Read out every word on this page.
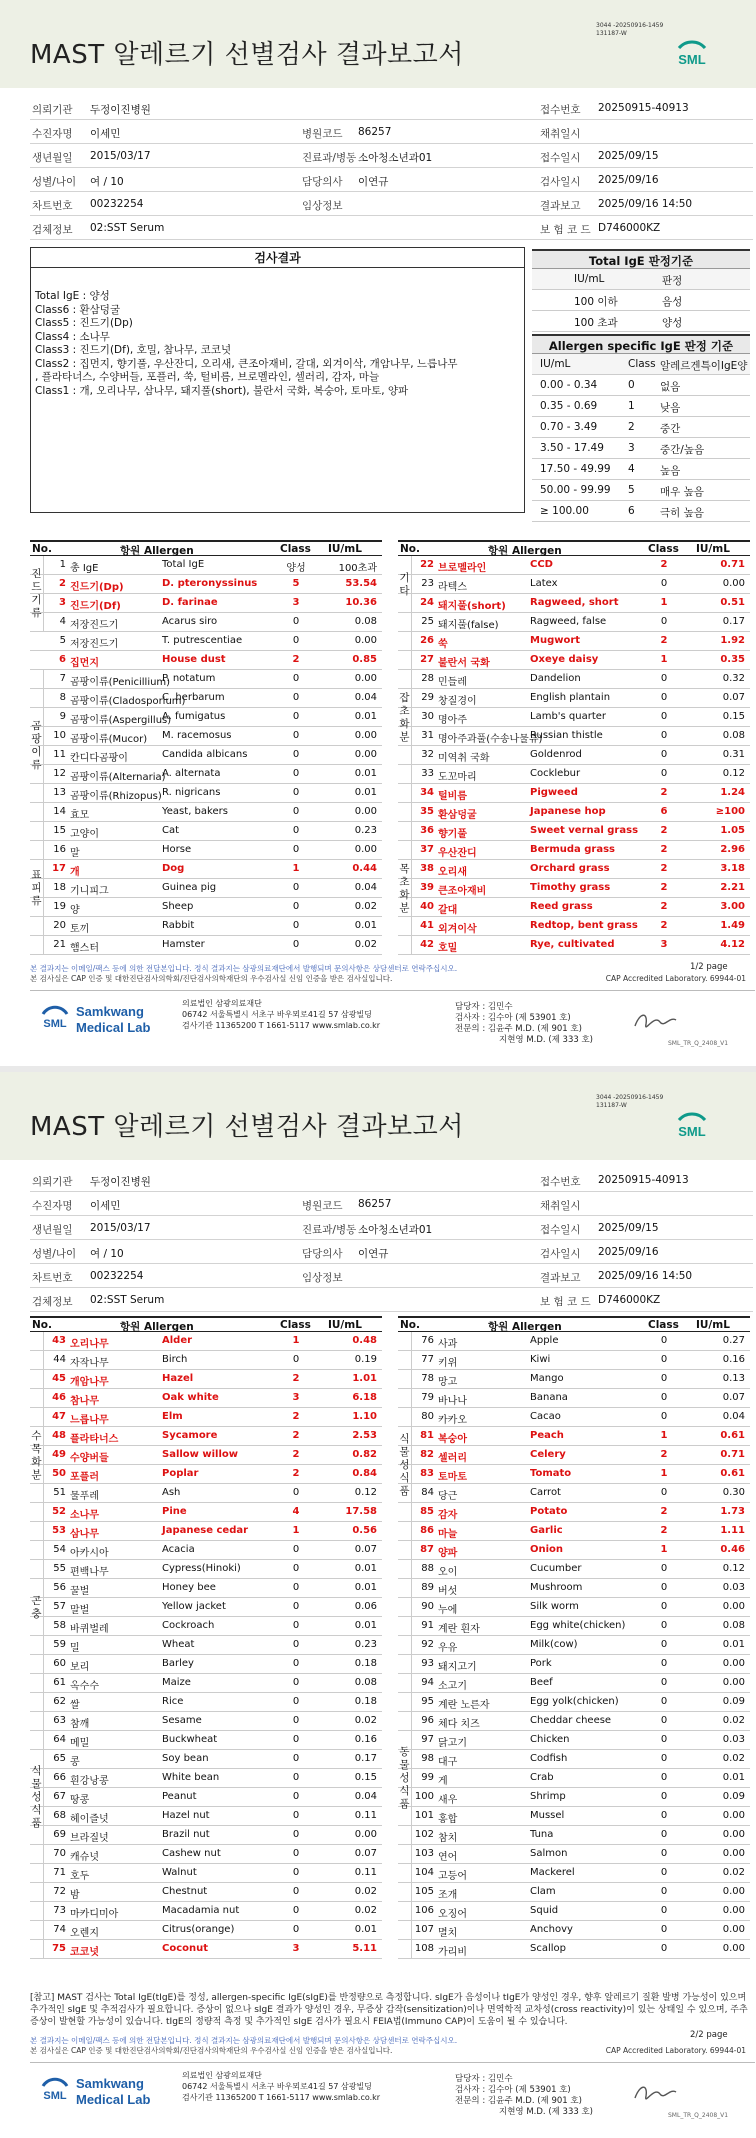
MAST 알레르기 선별검사 결과보고서
3044 -20250916-1459
131187-W
SML
의뢰기관 두정이진병원	접수번호 20250915-40913
수진자명 이세민	병원코드 86257	채취일시
생년월일 2015/03/17	진료과/병동 소아청소년과01	접수일시 2025/09/15
성별/나이 여 / 10	담당의사 이연규	검사일시 2025/09/16
차트번호 00232254	임상정보	결과보고 2025/09/16 14:50
검체정보 02:SST Serum	보 험 코 드 D746000KZ
검사결과
Total IgE : 양성
Class6 : 환삼덩굴
Class5 : 진드기(Dp)
Class4 : 소나무
Class3 : 진드기(Df), 호밀, 참나무, 코코넛
Class2 : 집먼지, 향기풀, 우산잔디, 오리새, 큰조아재비, 갈대, 외겨이삭, 개암나무, 느릅나무
, 플라타너스, 수양버들, 포플러, 쑥, 털비름, 브로멜라인, 셀러리, 감자, 마늘
Class1 : 개, 오리나무, 삼나무, 돼지풀(short), 불란서 국화, 복숭아, 토마토, 양파
Total IgE 판정기준
IU/mL	판정
100 이하	음성
100 초과	양성
Allergen specific IgE 판정 기준
IU/mL	Class 알레르겐특이IgE양
0.00 - 0.34	0 없음
0.35 - 0.69	1 낮음
0.70 - 3.49	2 중간
3.50 - 17.49 3 중간/높음
17.50 - 49.99 4 높음
50.00 - 99.99 5 매우 높음
≥ 100.00	6 극히 높음
No.	항원 Allergen	Class IU/mL
1 총 IgE	Total IgE	양성	100초과
2 진드기(Dp)	D. pteronyssinus	5	53.54
3 진드기(Df)	D. farinae	3	10.36
4 저장진드기	Acarus siro	0	0.08
5 저장진드기	T. putrescentiae	0	0.00
6 집먼지	House dust	2	0.85
7 곰팡이류(Penicillium)
P. notatum	0	0.00
8 곰팡이류(Cladosporium)
C. herbarum	0	0.04
9 곰팡이류(Aspergillus)
A. fumigatus	0	0.01
10 곰팡이류(Mucor)	M. racemosus	0	0.00
11 칸디다곰팡이	Candida albicans	0	0.00
12 곰팡이류(Alternaria)
A. alternata	0	0.01
13 곰팡이류(Rhizopus) R. nigricans	0	0.01
14 효모	Yeast, bakers	0	0.00
15 고양이	Cat	0	0.23
16 말	Horse	0	0.00
17 개	Dog	1	0.44
18 기니피그	Guinea pig	0	0.04
19 양	Sheep	0	0.02
20 토끼	Rabbit	0	0.01
21 햄스터	Hamster	0	0.02
진드기류
곰팡이류
표피류
No.	항원 Allergen	Class IU/mL
22 브로멜라인	CCD	2	0.71
23 라텍스	Latex	0	0.00
24 돼지풀(short)	Ragweed, short	1	0.51
25 돼지풀(false)	Ragweed, false	0	0.17
26 쑥	Mugwort	2	1.92
27 불란서 국화	Oxeye daisy	1	0.35
28 민들레	Dandelion	0	0.32
29 창질경이	English plantain	0	0.07
30 명아주	Lamb's quarter	0	0.15
31 명아주과풀(수송나물류)
Russian thistle	0	0.08
32 미역취 국화	Goldenrod	0	0.31
33 도꼬마리	Cocklebur	0	0.12
34 털비름	Pigweed	2	1.24
35 환삼덩굴	Japanese hop	6	≥100
36 향기풀	Sweet vernal grass	2	1.05
37 우산잔디	Bermuda grass	2	2.96
38 오리새	Orchard grass	2	3.18
39 큰조아재비	Timothy grass	2	2.21
40 갈대	Reed grass	2	3.00
41 외겨이삭	Redtop, bent grass	2	1.49
42 호밀	Rye, cultivated	3	4.12
기타
잡초화분
목초화분
본 결과지는 이메일/팩스 등에 의한 전달본입니다. 정식 결과지는 삼광의료재단에서 발행되며 문의사항은 상담센터로 연락주십시오.
본 검사실은 CAP 인증 및 대한진단검사의학회/진단검사의학재단의 우수검사실 신임 인증을 받은 검사실입니다.
1/2 page
CAP Accredited Laboratory. 69944-01
SML
Samkwang
Medical Lab
의료법인 삼광의료재단
06742 서울특별시 서초구 바우뫼로41길 57 삼광빌딩
검사기관 11365200 T 1661-5117 www.smlab.co.kr
담당자 : 김민수
검사자 : 김수아 (제 53901 호)
전문의 : 김윤주 M.D. (제 901 호)
지현영 M.D. (제 333 호)	SML_TR_Q_2408_V1
MAST 알레르기 선별검사 결과보고서
3044 -20250916-1459
131187-W
SML
의뢰기관 두정이진병원	접수번호 20250915-40913
수진자명 이세민	병원코드 86257	채취일시
생년월일 2015/03/17	진료과/병동 소아청소년과01	접수일시 2025/09/15
성별/나이 여 / 10	담당의사 이연규	검사일시 2025/09/16
차트번호 00232254	임상정보	결과보고 2025/09/16 14:50
검체정보 02:SST Serum	보 험 코 드 D746000KZ
No.	항원 Allergen	Class IU/mL
43 오리나무	Alder	1	0.48
44 자작나무	Birch	0	0.19
45 개암나무	Hazel	2	1.01
46 참나무	Oak white	3	6.18
47 느릅나무	Elm	2	1.10
48 플라타너스	Sycamore	2	2.53
49 수양버들	Sallow willow	2	0.82
50 포플러	Poplar	2	0.84
51 물푸레	Ash	0	0.12
52 소나무	Pine	4	17.58
53 삼나무	Japanese cedar	1	0.56
54 아카시아	Acacia	0	0.07
55 편백나무	Cypress(Hinoki)	0	0.01
56 꿀벌	Honey bee	0	0.01
57 말벌	Yellow jacket	0	0.06
58 바퀴벌레	Cockroach	0	0.01
59 밀	Wheat	0	0.23
60 보리	Barley	0	0.18
61 옥수수	Maize	0	0.08
62 쌀	Rice	0	0.18
63 참깨	Sesame	0	0.02
64 메밀	Buckwheat	0	0.16
65 콩	Soy bean	0	0.17
66 흰강낭콩	White bean	0	0.15
67 땅콩	Peanut	0	0.04
68 헤이즐넛	Hazel nut	0	0.11
69 브라질넛	Brazil nut	0	0.00
70 캐슈넛	Cashew nut	0	0.07
71 호두	Walnut	0	0.11
72 밤	Chestnut	0	0.02
73 마카디미아	Macadamia nut	0	0.02
74 오렌지	Citrus(orange)	0	0.01
75 코코넛	Coconut	3	5.11
수목화분
곤충
식물성식품
No.	항원 Allergen	Class IU/mL
76 사과	Apple	0	0.27
77 키위	Kiwi	0	0.16
78 망고	Mango	0	0.13
79 바나나	Banana	0	0.07
80 카카오	Cacao	0	0.04
81 복숭아	Peach	1	0.61
82 셀러리	Celery	2	0.71
83 토마토	Tomato	1	0.61
84 당근	Carrot	0	0.30
85 감자	Potato	2	1.73
86 마늘	Garlic	2	1.11
87 양파	Onion	1	0.46
88 오이	Cucumber	0	0.12
89 버섯	Mushroom	0	0.03
90 누에	Silk worm	0	0.00
91 계란 흰자	Egg white(chicken)	0	0.08
92 우유	Milk(cow)	0	0.01
93 돼지고기	Pork	0	0.00
94 소고기	Beef	0	0.00
95 계란 노른자	Egg yolk(chicken)	0	0.09
96 체다 치즈	Cheddar cheese	0	0.02
97 닭고기	Chicken	0	0.03
98 대구	Codfish	0	0.02
99 게	Crab	0	0.01
100 새우	Shrimp	0	0.09
101 홍합	Mussel	0	0.00
102 참치	Tuna	0	0.00
103 연어	Salmon	0	0.00
104 고등어	Mackerel	0	0.02
105 조개	Clam	0	0.00
106 오징어	Squid	0	0.00
107 멸치	Anchovy	0	0.00
108 가리비	Scallop	0	0.00
식물성식품
동물성식품
[참고] MAST 검사는 Total IgE(tIgE)를 정성, allergen-specific IgE(sIgE)를 반정량으로 측정합니다. sIgE가 음성이나 tIgE가 양성인 경우, 향후 알레르기 질환 발병 가능성이 있으며 추가적인 sIgE 및 추적검사가 필요합니다. 증상이 없으나 sIgE 결과가 양성인 경우, 무증상 감작(sensitization)이나 면역학적 교차성(cross reactivity)이 있는 상태일 수 있으며, 주추 증상이 발현할 가능성이 있습니다. tIgE의 정량적 측정 및 추가적인 sIgE 검사가 필요시 FEIA법(Immuno CAP)이 도움이 될 수 있습니다.
2/2 page
본 결과지는 이메일/팩스 등에 의한 전달본입니다. 정식 결과지는 삼광의료재단에서 발행되며 문의사항은 상담센터로 연락주십시오.
본 검사실은 CAP 인증 및 대한진단검사의학회/진단검사의학재단의 우수검사실 신임 인증을 받은 검사실입니다.	CAP Accredited Laboratory. 69944-01
SML
Samkwang
Medical Lab
의료법인 삼광의료재단
06742 서울특별시 서초구 바우뫼로41길 57 삼광빌딩
검사기관 11365200 T 1661-5117 www.smlab.co.kr
담당자 : 김민수
검사자 : 김수아 (제 53901 호)
전문의 : 김윤주 M.D. (제 901 호)
지현영 M.D. (제 333 호)	SML_TR_Q_2408_V1
